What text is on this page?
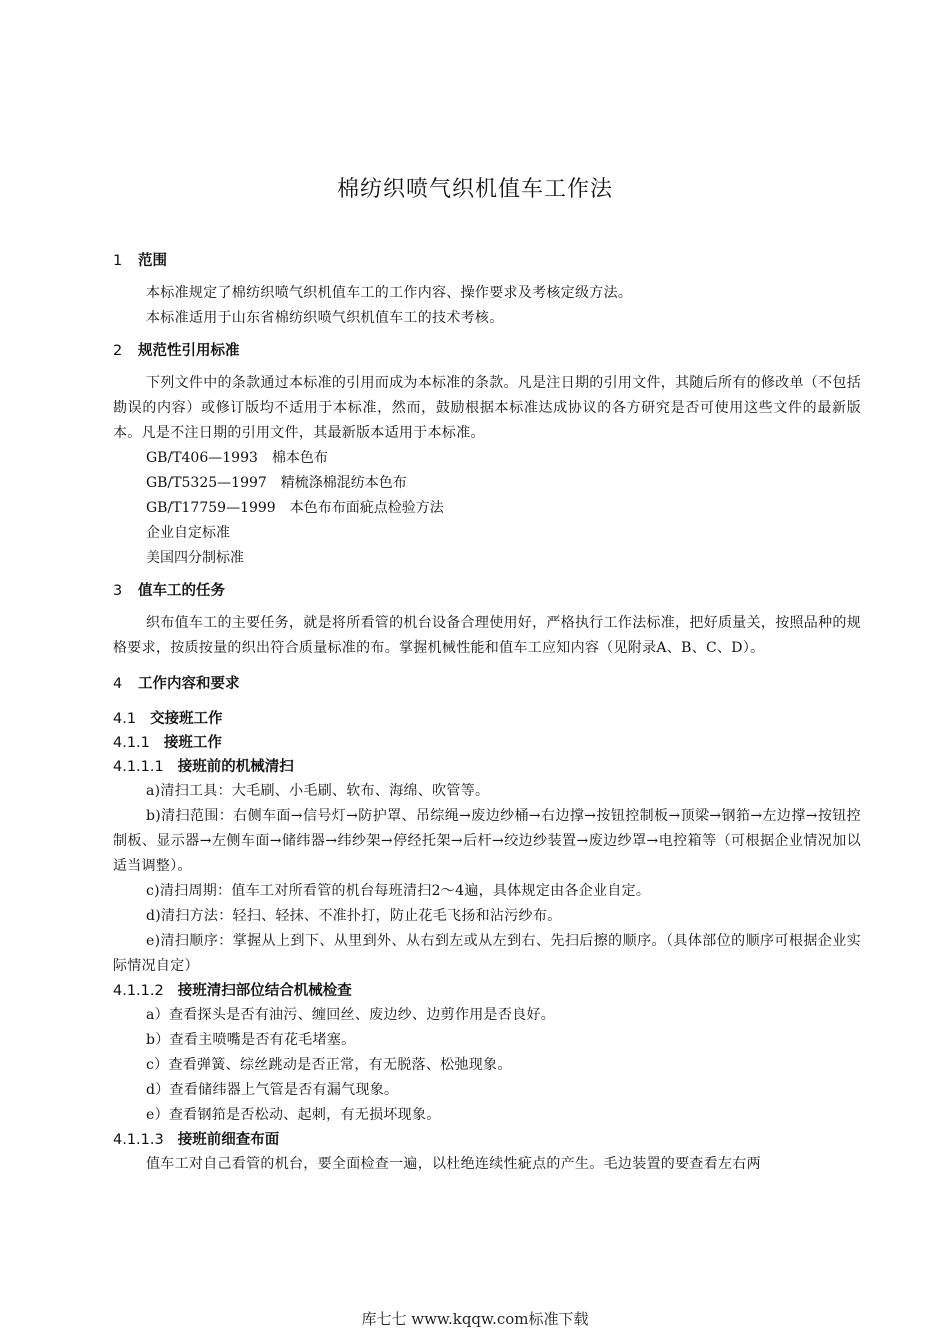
棉纺织喷气织机值车工作法
1 范围

本标准规定了棉纺织喷气织机值车工的工作内容、操作要求及考核定级方法。

本标准适用于山东省棉纺织喷气织机值车工的技术考核。

2 规范性引用标准

下列文件中的条款通过本标准的引用而成为本标准的条款。凡是注日期的引用文件，其随后所有的修改单（不包括勘误的内容）或修订版均不适用于本标准，然而，鼓励根据本标准达成协议的各方研究是否可使用这些文件的最新版本。凡是不注日期的引用文件，其最新版本适用于本标准。

GB/T406—1993 棉本色布
GB/T5325—1997 精梳涤棉混纺本色布
GB/T17759—1999 本色布布面疵点检验方法
企业自定标准
美国四分制标准
3 值车工的任务

织布值车工的主要任务，就是将所看管的机台设备合理使用好，严格执行工作法标准，把好质量关，按照品种的规格要求，按质按量的织出符合质量标准的布。掌握机械性能和值车工应知内容（见附录A、B、C、D）。

4 工作内容和要求
4.1 交接班工作
4.1.1 接班工作
4.1.1.1 接班前的机械清扫

a)清扫工具：大毛刷、小毛刷、软布、海绵、吹管等。

b)清扫范围：右侧车面→信号灯→防护罩、吊综绳→废边纱桶→右边撑→按钮控制板→顶梁→钢筘→左边撑→按钮控制板、显示器→左侧车面→储纬器→纬纱架→停经托架→后杆→绞边纱装置→废边纱罩→电控箱等（可根据企业情况加以适当调整）。

c)清扫周期：值车工对所看管的机台每班清扫2～4遍，具体规定由各企业自定。

d)清扫方法：轻扫、轻抹、不准扑打，防止花毛飞扬和沾污纱布。

e)清扫顺序：掌握从上到下、从里到外、从右到左或从左到右、先扫后擦的顺序。（具体部位的顺序可根据企业实际情况自定）

4.1.1.2 接班清扫部位结合机械检查

a）查看探头是否有油污、缠回丝、废边纱、边剪作用是否良好。

b）查看主喷嘴是否有花毛堵塞。

c）查看弹簧、综丝跳动是否正常，有无脱落、松弛现象。

d）查看储纬器上气管是否有漏气现象。

e）查看钢筘是否松动、起刺，有无损坏现象。

4.1.1.3 接班前细查布面

值车工对自己看管的机台，要全面检查一遍，以杜绝连续性疵点的产生。毛边装置的要查看左右两

库七七 www.kqqw.com标准下载
